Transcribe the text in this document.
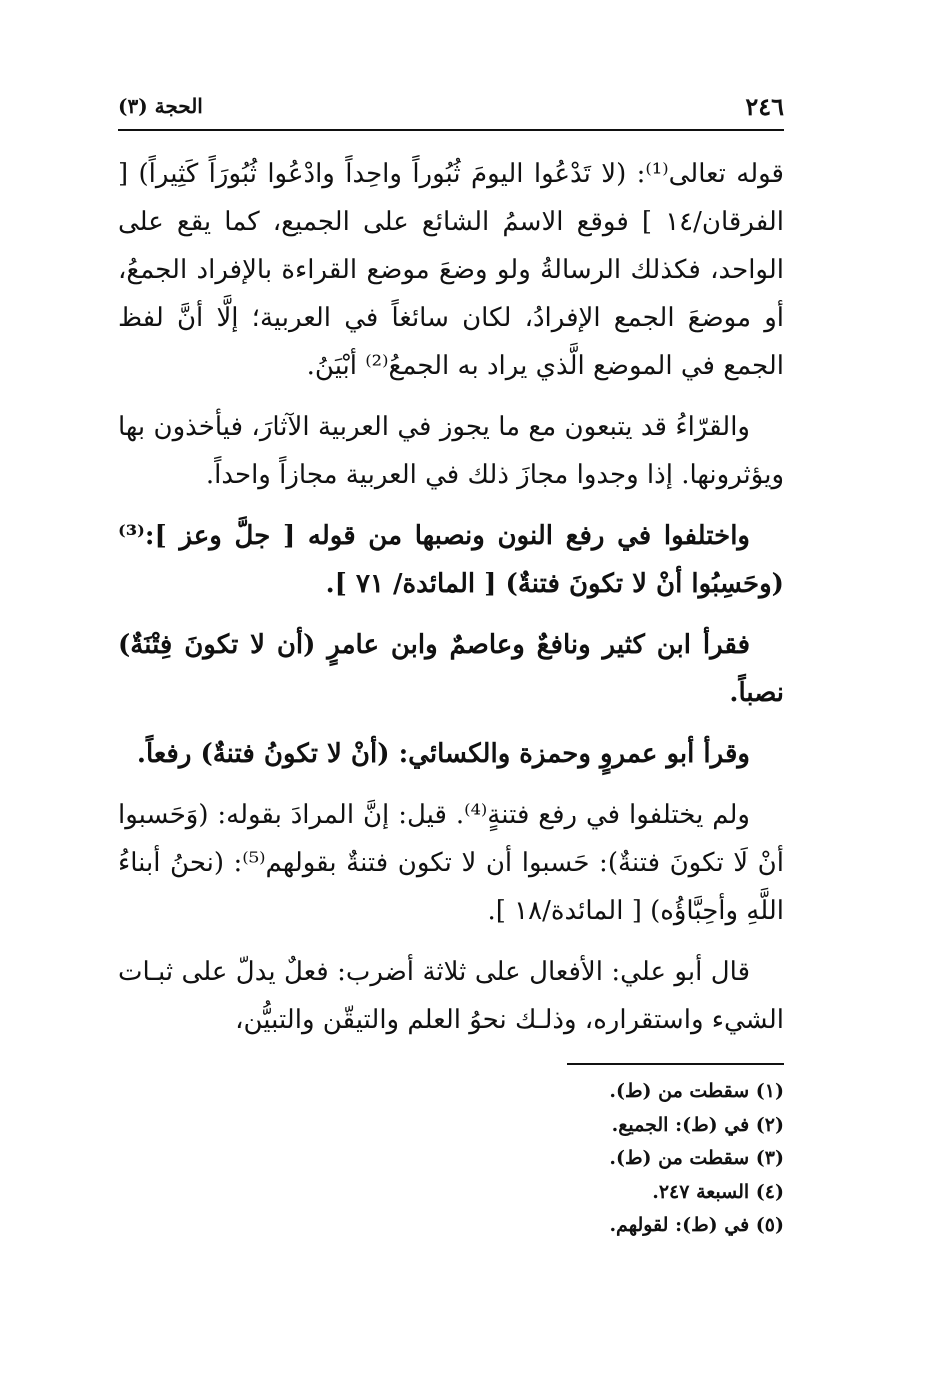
٢٤٦
الحجة (٣)

قوله تعالى⁽¹⁾: (لا تَدْعُوا اليومَ ثُبُوراً واحِداً وادْعُوا ثُبُورَاً كَثِيراً) [ الفرقان/١٤ ] فوقع الاسمُ الشائع على الجميع، كما يقع على الواحد، فكذلك الرسالةُ ولو وضعَ موضع القراءة بالإفراد الجمعُ، أو موضعَ الجمع الإفرادُ، لكان سائغاً في العربية؛ إلَّا أنَّ لفظ الجمع في الموضع الَّذي يراد به الجمعُ⁽²⁾ أبْيَنُ.

والقرّاءُ قد يتبعون مع ما يجوز في العربية الآثارَ، فيأخذون بها ويؤثرونها. إذا وجدوا مجازَ ذلك في العربية مجازاً واحداً.

واختلفوا في رفع النون ونصبها من قوله [ جلَّ وعز ]:⁽³⁾ (وحَسِبُوا أنْ لا تكونَ فتنةٌ) [ المائدة/ ٧١ ].

فقرأ ابن كثير ونافعٌ وعاصمٌ وابن عامرٍ (أن لا تكونَ فِتْنَةٌ) نصباً.

وقرأ أبو عمروٍ وحمزة والكسائي: (أنْ لا تكونُ فتنةٌ) رفعاً.

ولم يختلفوا في رفع فتنةٍ⁽⁴⁾. قيل: إنَّ المرادَ بقوله: (وَحَسبوا أنْ لَا تكونَ فتنةٌ): حَسبوا أن لا تكون فتنةٌ بقولهم⁽⁵⁾: (نحنُ أبناءُ اللَّهِ وأحِبَّاؤُه) [ المائدة/١٨ ].

قال أبو علي: الأفعال على ثلاثة أضرب: فعلٌ يدلّ على ثبـات الشيء واستقراره، وذلـك نحوُ العلم والتيقّن والتبيُّن،

(١) سقطت من (ط).
(٢) في (ط): الجميع.
(٣) سقطت من (ط).
(٤) السبعة ٢٤٧.
(٥) في (ط): لقولهم.
